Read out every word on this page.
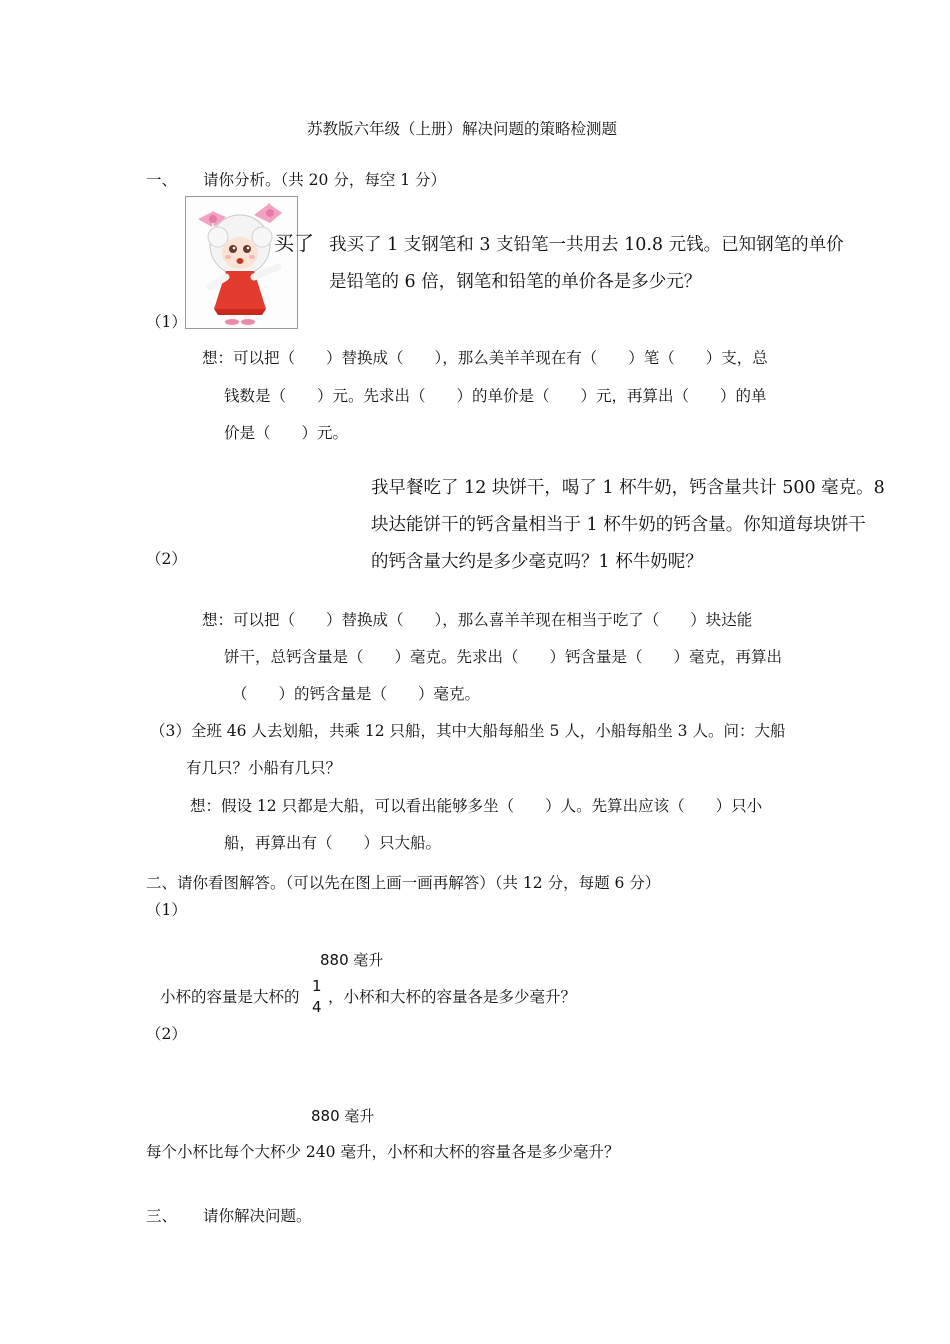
苏教版六年级（上册）解决问题的策略检测题
一、 请你分析。（共 20 分，每空 1 分）
（1）
买了 我买了 1 支钢笔和 3 支铅笔一共用去 10.8 元钱。已知钢笔的单价
是铅笔的 6 倍，钢笔和铅笔的单价各是多少元？
想：可以把（　　）替换成（　　），那么美羊羊现在有（　　）笔（　　）支，总
钱数是（　　）元。先求出（　　）的单价是（　　）元，再算出（　　）的单
价是（　　）元。
我早餐吃了 12 块饼干，喝了 1 杯牛奶，钙含量共计 500 毫克。8
块达能饼干的钙含量相当于 1 杯牛奶的钙含量。你知道每块饼干
（2）	的钙含量大约是多少毫克吗？1 杯牛奶呢？
想：可以把（　　）替换成（　　），那么喜羊羊现在相当于吃了（　　）块达能
饼干，总钙含量是（　　）毫克。先求出（　　）钙含量是（　　）毫克，再算出
（　　）的钙含量是（　　）毫克。
（3）全班 46 人去划船，共乘 12 只船，其中大船每船坐 5 人，小船每船坐 3 人。问：大船
有几只？小船有几只？
想：假设 12 只都是大船，可以看出能够多坐（　　）人。先算出应该（　　）只小
船，再算出有（　　）只大船。
二、请你看图解答。（可以先在图上画一画再解答）（共 12 分，每题 6 分）
（1）
880 毫升
小杯的容量是大杯的
1
4
，小杯和大杯的容量各是多少毫升？
（2）
880 毫升
每个小杯比每个大杯少 240 毫升，小杯和大杯的容量各是多少毫升？
三、 请你解决问题。
